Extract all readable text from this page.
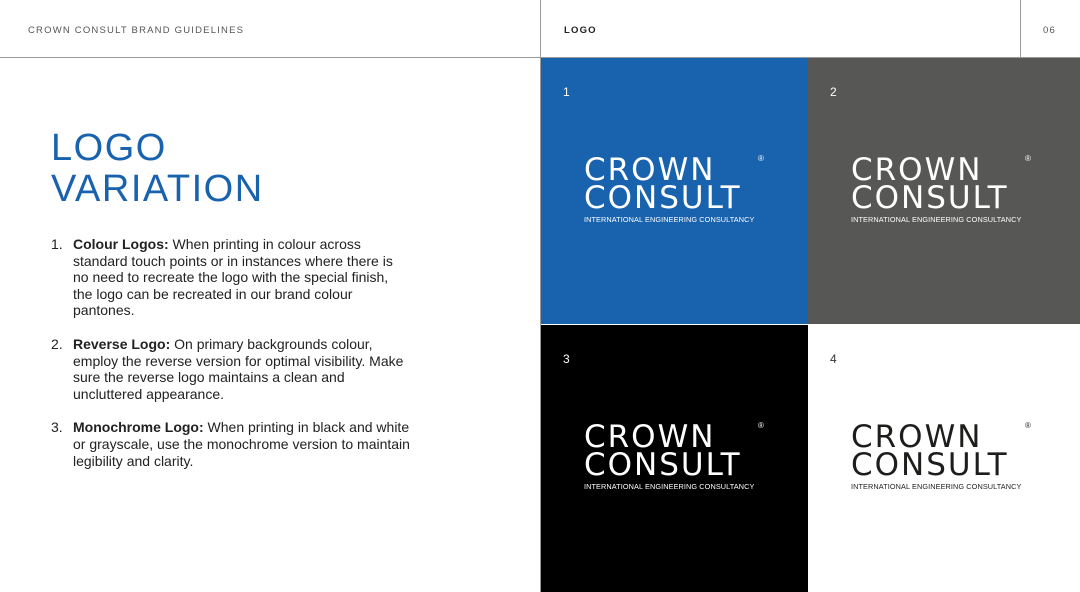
CROWN CONSULT BRAND GUIDELINES	LOGO	06
LOGO
VARIATION
1. Colour Logos: When printing in colour across standard touch points or in instances where there is no need to recreate the logo with the special finish, the logo can be recreated in our brand colour pantones.
2. Reverse Logo: On primary backgrounds colour, employ the reverse version for optimal visibility. Make sure the reverse logo maintains a clean and uncluttered appearance.
3. Monochrome Logo: When printing in black and white or grayscale, use the monochrome version to maintain legibility and clarity.
1
CROWN	®
CONSULT
INTERNATIONAL ENGINEERING CONSULTANCY
2
CROWN	®
CONSULT
INTERNATIONAL ENGINEERING CONSULTANCY
3
CROWN	®
CONSULT
INTERNATIONAL ENGINEERING CONSULTANCY
4
CROWN	®
CONSULT
INTERNATIONAL ENGINEERING CONSULTANCY
